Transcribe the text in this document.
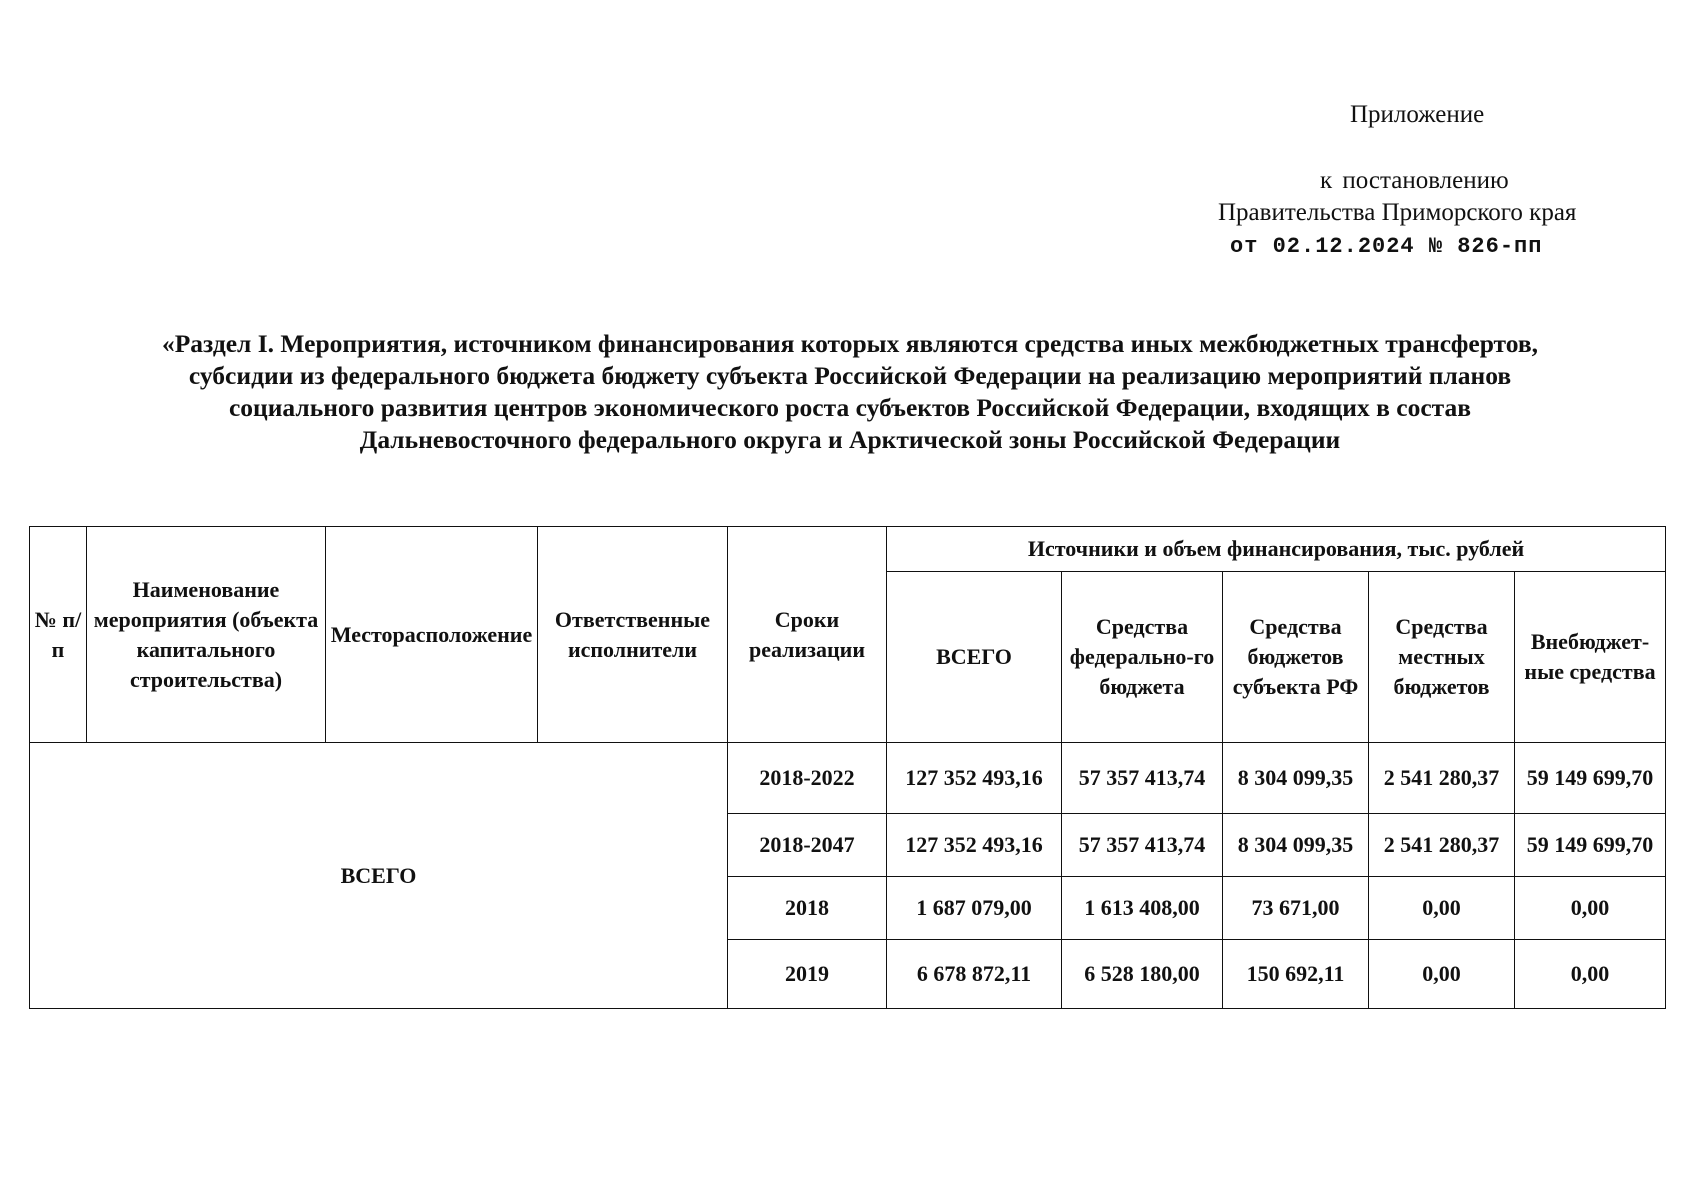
Приложение
к постановлению
Правительства Приморского края
от 02.12.2024 № 826-пп
«Раздел I. Мероприятия, источником финансирования которых являются средства иных межбюджетных трансфертов,
субсидии из федерального бюджета бюджету субъекта Российской Федерации на реализацию мероприятий планов
социального развития центров экономического роста субъектов Российской Федерации, входящих в состав
Дальневосточного федерального округа и Арктической зоны Российской Федерации
№ п/п	Наименование мероприятия (объекта капитального строительства)	Месторасположение	Ответственные исполнители	Сроки реализации	Источники и объем финансирования, тыс. рублей				
					ВСЕГО	Средства федерально-го бюджета	Средства бюджетов субъекта РФ	Средства местных бюджетов	Внебюджет-ные средства
ВСЕГО				2018-2022	127 352 493,16	57 357 413,74	8 304 099,35	2 541 280,37	59 149 699,70
				2018-2047	127 352 493,16	57 357 413,74	8 304 099,35	2 541 280,37	59 149 699,70
				2018	1 687 079,00	1 613 408,00	73 671,00	0,00	0,00
				2019	6 678 872,11	6 528 180,00	150 692,11	0,00	0,00
